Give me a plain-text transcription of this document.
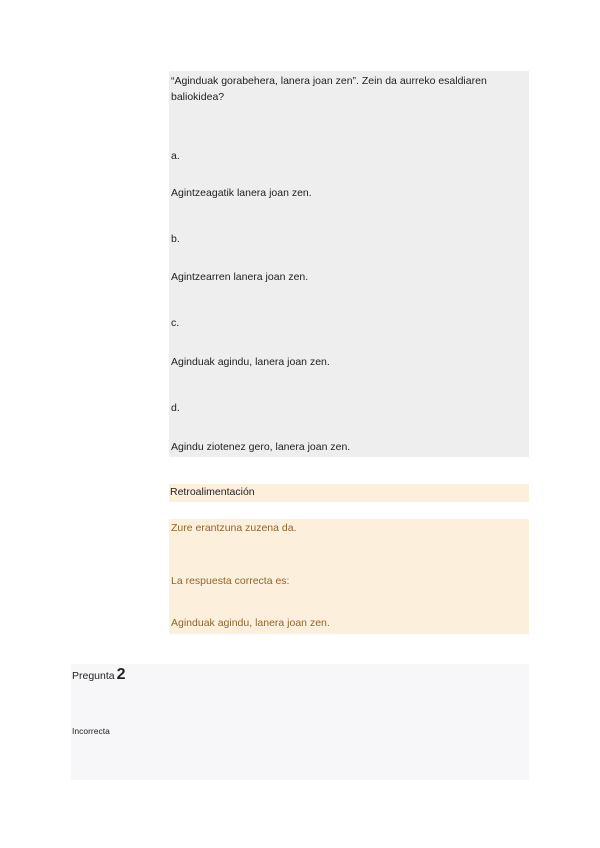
“Aginduak gorabehera, lanera joan zen”. Zein da aurreko esaldiaren baliokidea?
a.
Agintzeagatik lanera joan zen.
b.
Agintzearren lanera joan zen.
c.
Aginduak agindu, lanera joan zen.
d.
Agindu ziotenez gero, lanera joan zen.
Retroalimentación
Zure erantzuna zuzena da.
La respuesta correcta es:
Aginduak agindu, lanera joan zen.
Pregunta 2
Incorrecta
